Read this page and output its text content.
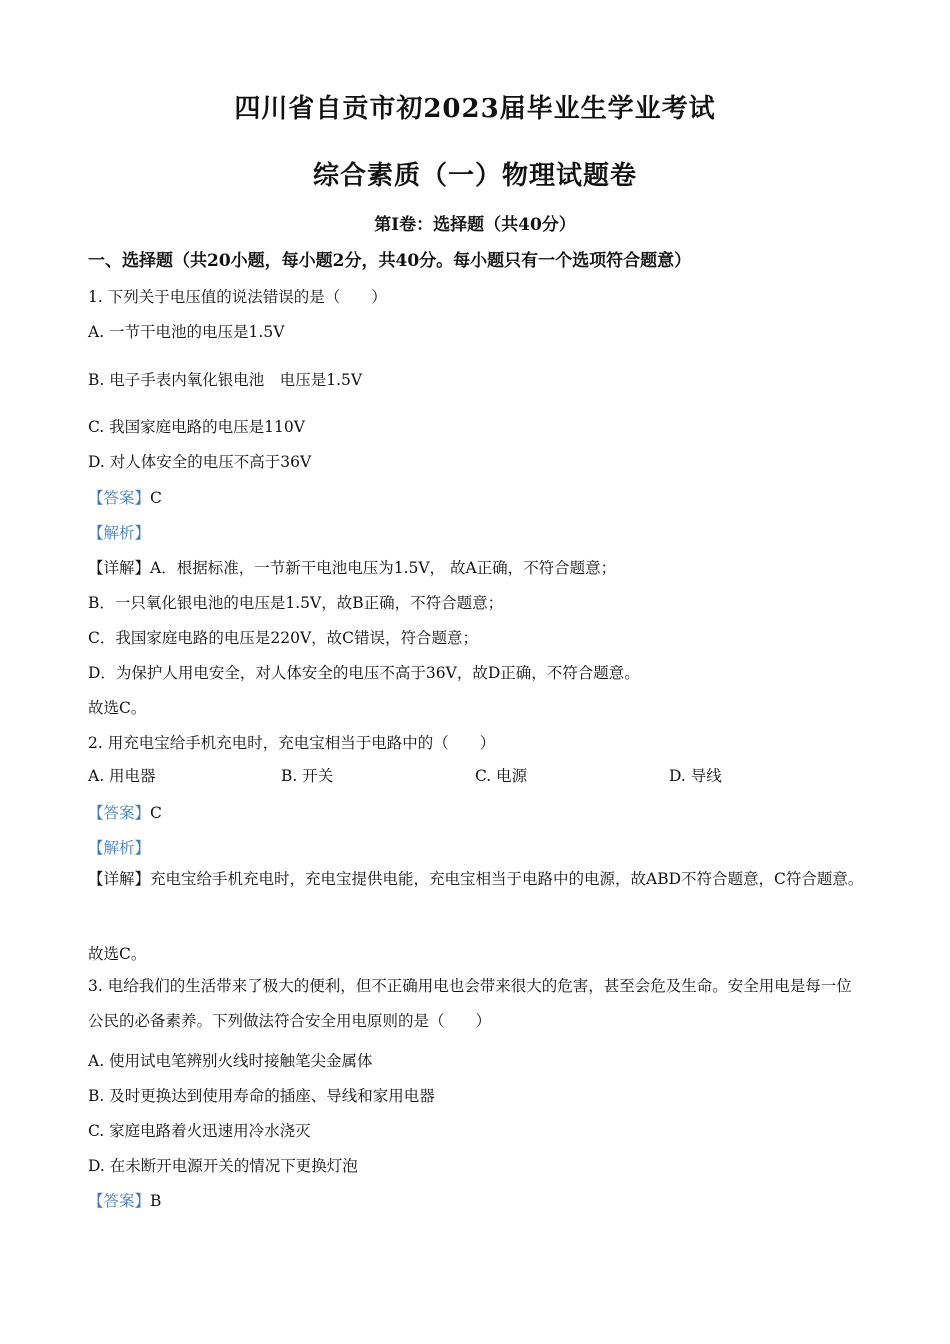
四川省自贡市初2023届毕业生学业考试
综合素质（一）物理试题卷
第I卷：选择题（共40分）
一、选择题（共20小题，每小题2分，共40分。每小题只有一个选项符合题意）
1. 下列关于电压值的说法错误的是（　　）
A. 一节干电池的电压是1.5V
B. 电子手表内氧化银电池　电压是1.5V
C. 我国家庭电路的电压是110V
D. 对人体安全的电压不高于36V
【答案】C
【解析】
【详解】A．根据标准，一节新干电池电压为1.5V， 故A正确，不符合题意；
B．一只氧化银电池的电压是1.5V，故B正确，不符合题意；
C．我国家庭电路的电压是220V，故C错误，符合题意；
D．为保护人用电安全，对人体安全的电压不高于36V，故D正确，不符合题意。
故选C。
2. 用充电宝给手机充电时，充电宝相当于电路中的（　　）
A. 用电器	B. 开关	C. 电源	D. 导线
【答案】C
【解析】
【详解】充电宝给手机充电时，充电宝提供电能，充电宝相当于电路中的电源，故ABD不符合题意，C符合题意。
故选C。
3. 电给我们的生活带来了极大的便利，但不正确用电也会带来很大的危害，甚至会危及生命。安全用电是每一位公民的必备素养。下列做法符合安全用电原则的是（　　）
A. 使用试电笔辨别火线时接触笔尖金属体
B. 及时更换达到使用寿命的插座、导线和家用电器
C. 家庭电路着火迅速用冷水浇灭
D. 在未断开电源开关的情况下更换灯泡
【答案】B
